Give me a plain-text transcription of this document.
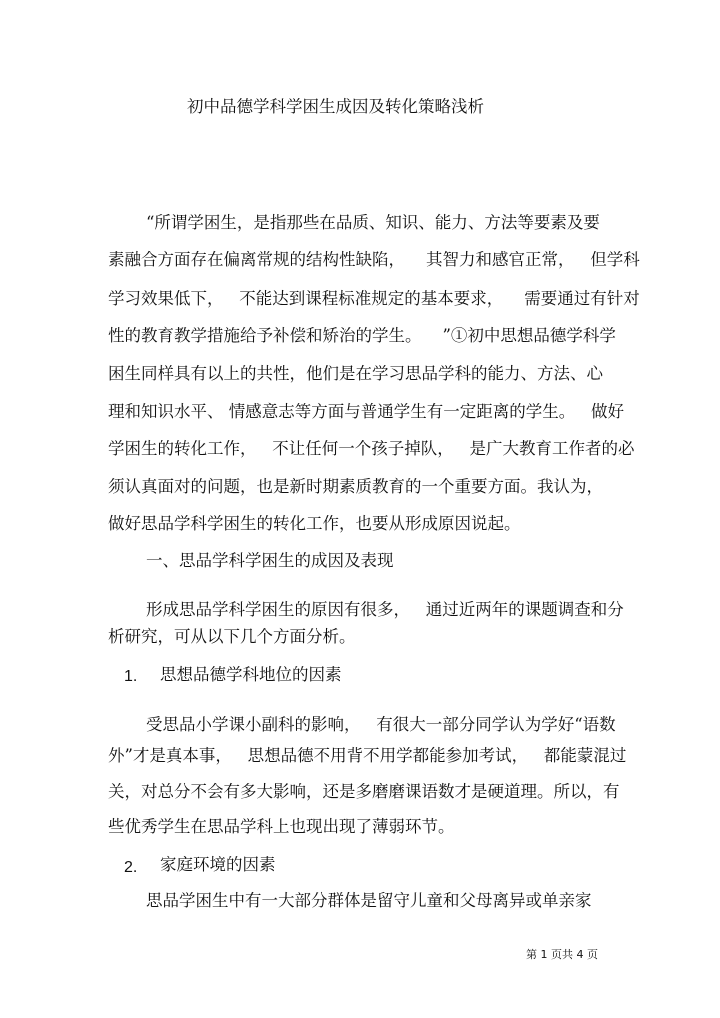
初中品德学科学困生成因及转化策略浅析
“所谓学困生，是指那些在品质、知识、能力、方法等要素及要
素融合方面存在偏离常规的结构性缺陷，    其智力和感官正常，   但学科
学习效果低下，   不能达到课程标准规定的基本要求，    需要通过有针对
性的教育教学措施给予补偿和矫治的学生。    ”①初中思想品德学科学
困生同样具有以上的共性，他们是在学习思品学科的能力、方法、心
理和知识水平、 情感意志等方面与普通学生有一定距离的学生。   做好
学困生的转化工作，   不让任何一个孩子掉队，   是广大教育工作者的必
须认真面对的问题，也是新时期素质教育的一个重要方面。我认为，
做好思品学科学困生的转化工作，也要从形成原因说起。
一、思品学科学困生的成因及表现
形成思品学科学困生的原因有很多，   通过近两年的课题调查和分
析研究，可从以下几个方面分析。
1. 思想品德学科地位的因素
受思品小学课小副科的影响，   有很大一部分同学认为学好“语数
外”才是真本事，   思想品德不用背不用学都能参加考试，   都能蒙混过
关，对总分不会有多大影响，还是多磨磨课语数才是硬道理。所以，有
些优秀学生在思品学科上也现出现了薄弱环节。
2. 家庭环境的因素
思品学困生中有一大部分群体是留守儿童和父母离异或单亲家
第 1 页共 4 页
